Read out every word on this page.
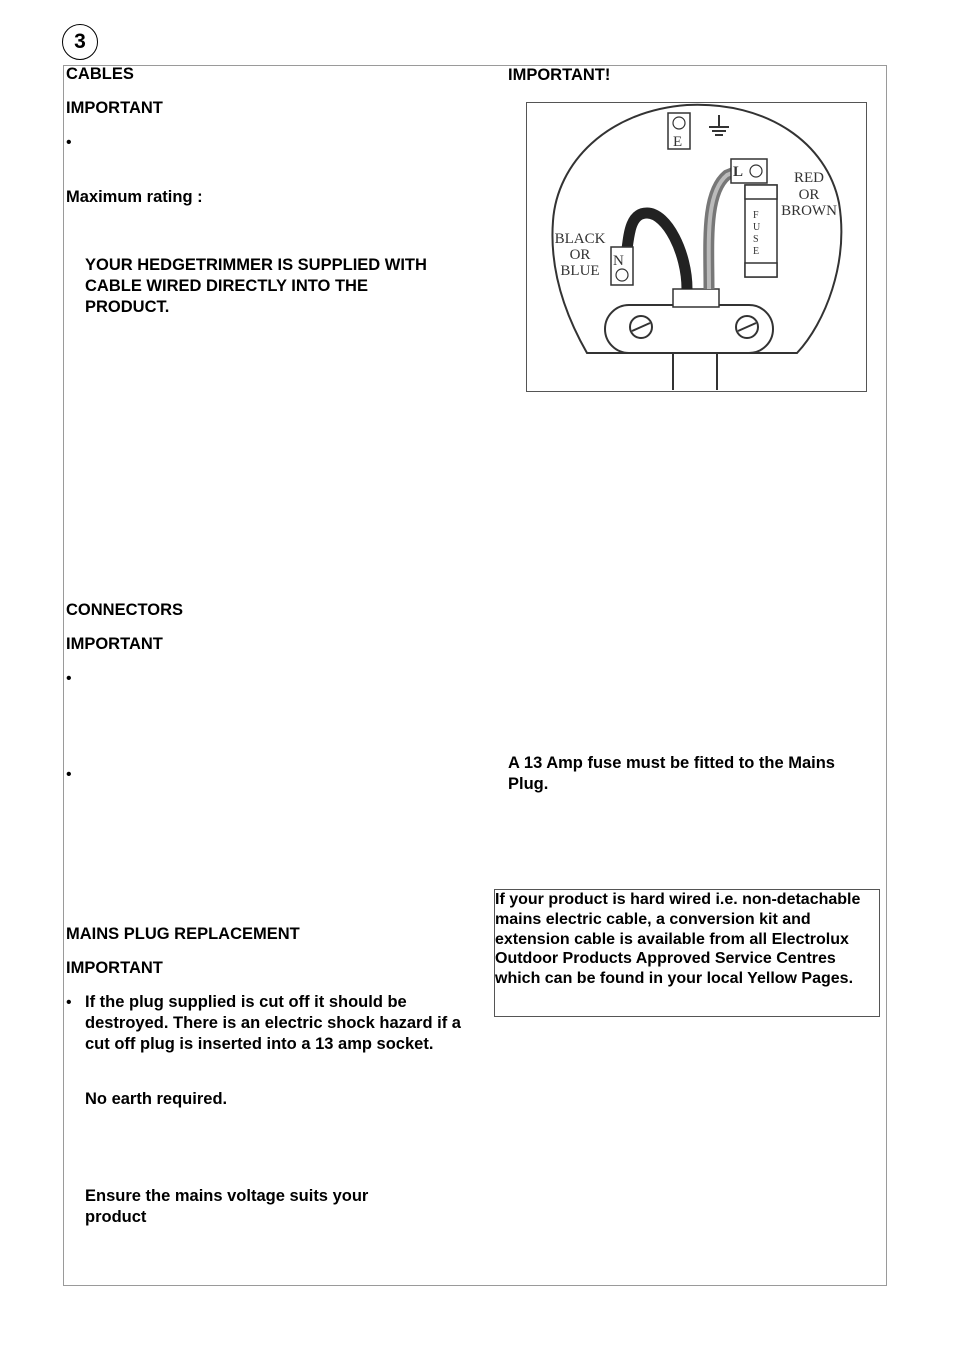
3
CABLES
IMPORTANT
•
Maximum rating :
YOUR HEDGETRIMMER IS SUPPLIED WITH CABLE WIRED DIRECTLY INTO THE PRODUCT.
CONNECTORS
IMPORTANT
•
•
MAINS PLUG REPLACEMENT
IMPORTANT
• If the plug supplied is cut off it should be destroyed. There is an electric shock hazard if a cut off plug is inserted into a 13 amp socket.
No earth required.
Ensure the mains voltage suits your product
IMPORTANT!
E
L
F
U
S
E
N
RED
OR
BROWN
BLACK
OR
BLUE
A 13 Amp fuse must be fitted to the Mains Plug.
If your product is hard wired i.e. non-detachable mains electric cable, a conversion kit and extension cable is available from all Electrolux Outdoor Products Approved Service Centres which can be found in your local Yellow Pages.
